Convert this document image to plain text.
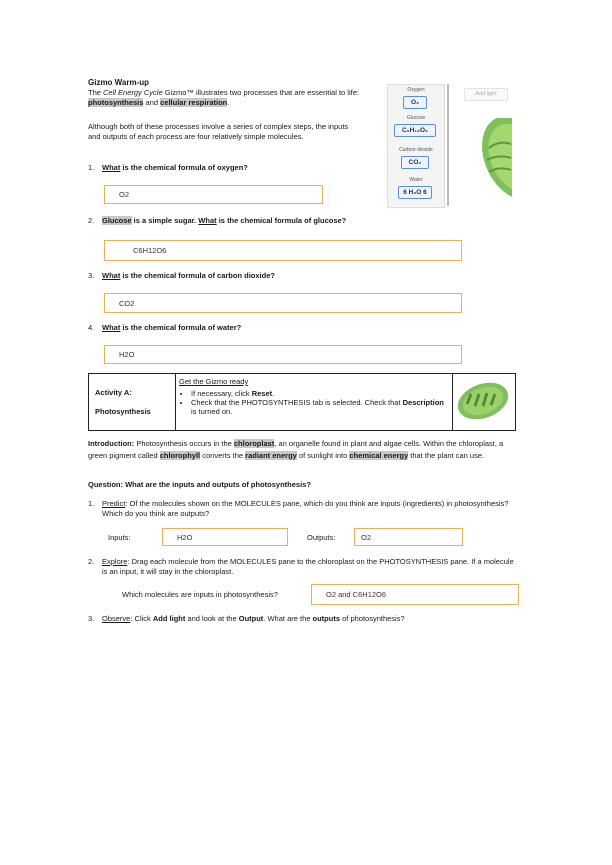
Gizmo Warm-up
The Cell Energy Cycle Gizmo™ illustrates two processes that are essential to life: photosynthesis and cellular respiration.
Although both of these processes involve a series of complex steps, the inputs and outputs of each process are four relatively simple molecules.
Oxygen
O₂
Glucose
C₆H₁₂O₆
Carbon dioxide
CO₂
Water
6 H₂O 6
Add light
1. What is the chemical formula of oxygen?
O2
2. Glucose is a simple sugar. What is the chemical formula of glucose?
C6H12O6
3. What is the chemical formula of carbon dioxide?
CO2
4. What is the chemical formula of water?
H2O
Activity A:
Photosynthesis

Get the Gizmo ready
• If necessary, click Reset.
• Check that the PHOTOSYNTHESIS tab is selected. Check that Description is turned on.

Introduction: Photosynthesis occurs in the chloroplast, an organelle found in plant and algae cells. Within the chloroplast, a green pigment called chlorophyll converts the radiant energy of sunlight into chemical energy that the plant can use.
Question: What are the inputs and outputs of photosynthesis?
1.	Predict: Of the molecules shown on the MOLECULES pane, which do you think are inputs (ingredients) in photosynthesis? Which do you think are outputs?
Inputs:	H2O	Outputs:	O2
2.	Explore: Drag each molecule from the MOLECULES pane to the chloroplast on the PHOTOSYNTHESIS pane. If a molecule is an input, it will stay in the chloroplast.
Which molecules are inputs in photosynthesis?	O2 and C6H12O6
3. Observe: Click Add light and look at the Output. What are the outputs of photosynthesis?
